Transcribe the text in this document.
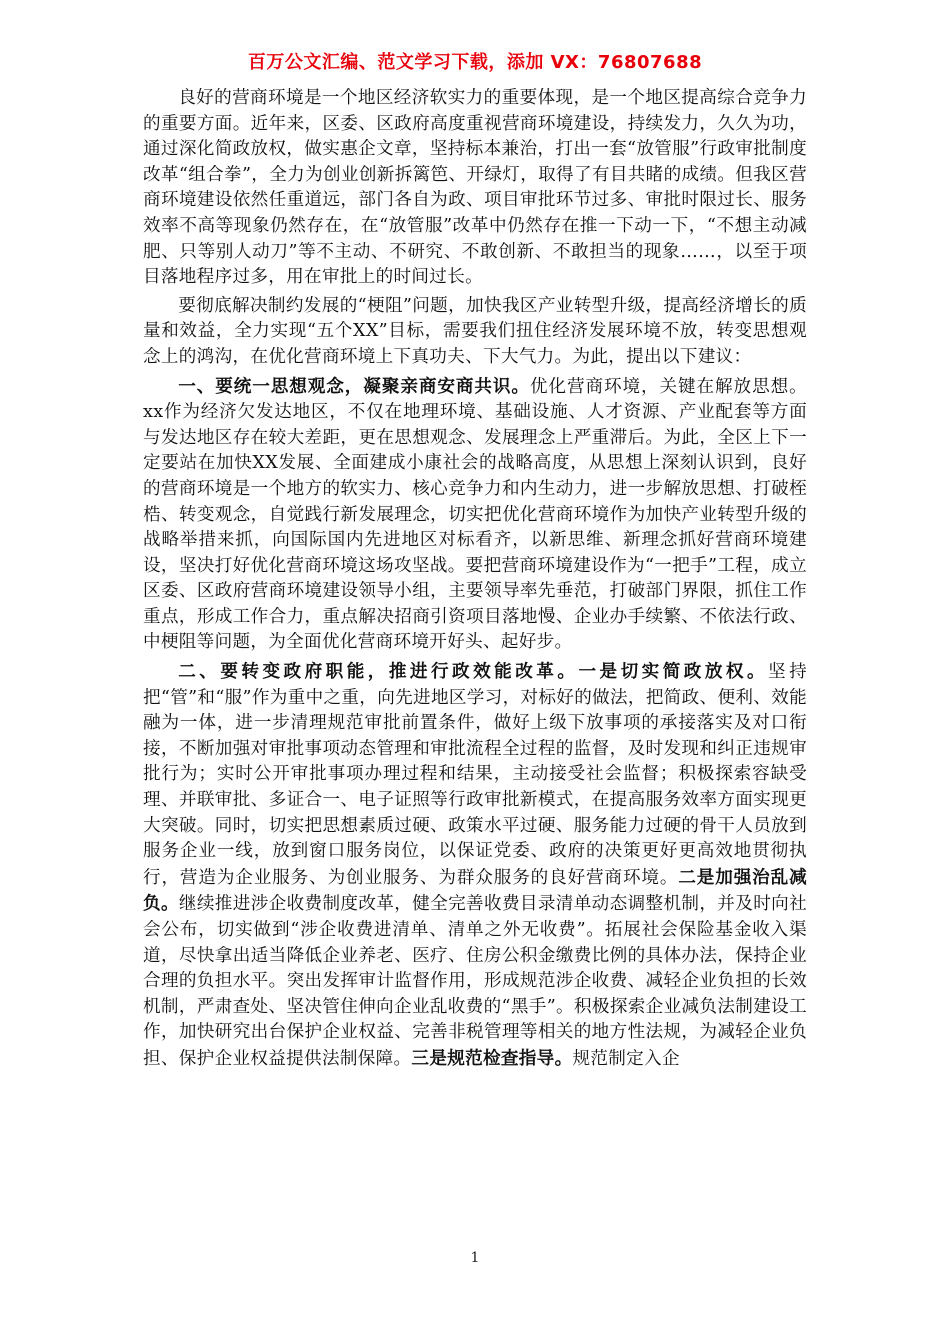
百万公文汇编、范文学习下载，添加 VX：76807688

良好的营商环境是一个地区经济软实力的重要体现，是一个地区提高综合竞争力的重要方面。近年来，区委、区政府高度重视营商环境建设，持续发力，久久为功，通过深化简政放权，做实惠企文章，坚持标本兼治，打出一套“放管服”行政审批制度改革“组合拳”，全力为创业创新拆篱笆、开绿灯，取得了有目共睹的成绩。但我区营商环境建设依然任重道远，部门各自为政、项目审批环节过多、审批时限过长、服务效率不高等现象仍然存在，在“放管服”改革中仍然存在推一下动一下，“不想主动减肥、只等别人动刀”等不主动、不研究、不敢创新、不敢担当的现象……，以至于项目落地程序过多，用在审批上的时间过长。

要彻底解决制约发展的“梗阻”问题，加快我区产业转型升级，提高经济增长的质量和效益，全力实现“五个XX”目标，需要我们扭住经济发展环境不放，转变思想观念上的鸿沟，在优化营商环境上下真功夫、下大气力。为此，提出以下建议：

一、要统一思想观念，凝聚亲商安商共识。优化营商环境，关键在解放思想。xx作为经济欠发达地区，不仅在地理环境、基础设施、人才资源、产业配套等方面与发达地区存在较大差距，更在思想观念、发展理念上严重滞后。为此，全区上下一定要站在加快XX发展、全面建成小康社会的战略高度，从思想上深刻认识到，良好的营商环境是一个地方的软实力、核心竞争力和内生动力，进一步解放思想、打破桎梏、转变观念，自觉践行新发展理念，切实把优化营商环境作为加快产业转型升级的战略举措来抓，向国际国内先进地区对标看齐，以新思维、新理念抓好营商环境建设，坚决打好优化营商环境这场攻坚战。要把营商环境建设作为“一把手”工程，成立区委、区政府营商环境建设领导小组，主要领导率先垂范，打破部门界限，抓住工作重点，形成工作合力，重点解决招商引资项目落地慢、企业办手续繁、不依法行政、中梗阻等问题，为全面优化营商环境开好头、起好步。

二、要转变政府职能，推进行政效能改革。一是切实简政放权。坚持把“管”和“服”作为重中之重，向先进地区学习，对标好的做法，把简政、便利、效能融为一体，进一步清理规范审批前置条件，做好上级下放事项的承接落实及对口衔接，不断加强对审批事项动态管理和审批流程全过程的监督，及时发现和纠正违规审批行为；实时公开审批事项办理过程和结果，主动接受社会监督；积极探索容缺受理、并联审批、多证合一、电子证照等行政审批新模式，在提高服务效率方面实现更大突破。同时，切实把思想素质过硬、政策水平过硬、服务能力过硬的骨干人员放到服务企业一线，放到窗口服务岗位，以保证党委、政府的决策更好更高效地贯彻执行，营造为企业服务、为创业服务、为群众服务的良好营商环境。二是加强治乱减负。继续推进涉企收费制度改革，健全完善收费目录清单动态调整机制，并及时向社会公布，切实做到“涉企收费进清单、清单之外无收费”。拓展社会保险基金收入渠道，尽快拿出适当降低企业养老、医疗、住房公积金缴费比例的具体办法，保持企业合理的负担水平。突出发挥审计监督作用，形成规范涉企收费、减轻企业负担的长效机制，严肃查处、坚决管住伸向企业乱收费的“黑手”。积极探索企业减负法制建设工作，加快研究出台保护企业权益、完善非税管理等相关的地方性法规，为减轻企业负担、保护企业权益提供法制保障。三是规范检查指导。规范制定入企

1
